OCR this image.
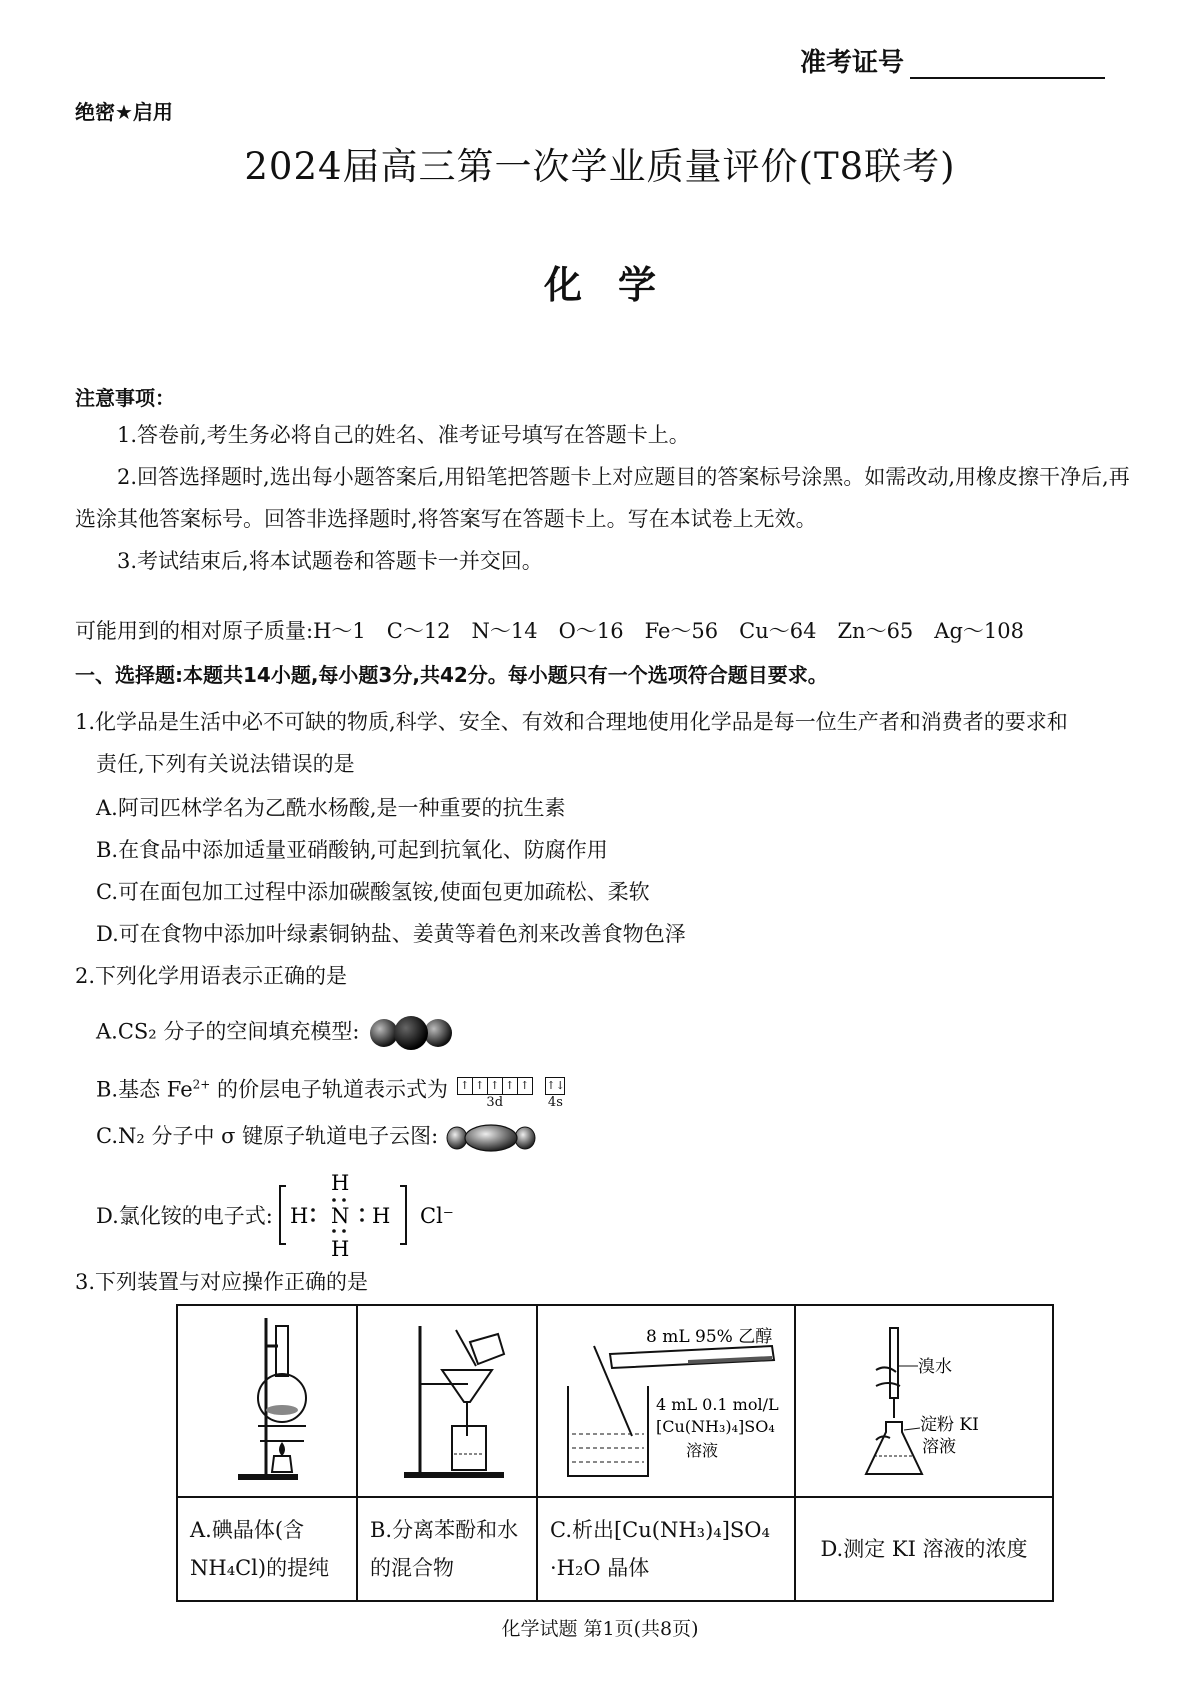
准考证号
绝密★启用
2024届高三第一次学业质量评价(T8联考)
化学
注意事项：
1.答卷前,考生务必将自己的姓名、准考证号填写在答题卡上。
2.回答选择题时,选出每小题答案后,用铅笔把答题卡上对应题目的答案标号涂黑。如需改动,用橡皮擦干净后,再选涂其他答案标号。回答非选择题时,将答案写在答题卡上。写在本试卷上无效。
3.考试结束后,将本试题卷和答题卡一并交回。
可能用到的相对原子质量:H～1　C～12　N～14　O～16　Fe～56　Cu～64　Zn～65　Ag～108
一、选择题:本题共14小题,每小题3分,共42分。每小题只有一个选项符合题目要求。
1.化学品是生活中必不可缺的物质,科学、安全、有效和合理地使用化学品是每一位生产者和消费者的要求和
责任,下列有关说法错误的是
A.阿司匹林学名为乙酰水杨酸,是一种重要的抗生素
B.在食品中添加适量亚硝酸钠,可起到抗氧化、防腐作用
C.可在面包加工过程中添加碳酸氢铵,使面包更加疏松、柔软
D.可在食物中添加叶绿素铜钠盐、姜黄等着色剂来改善食物色泽
2.下列化学用语表示正确的是
A.CS₂ 分子的空间填充模型:
B.基态 $Fe^{2+}$ 的价层电子轨道表示式为	↑ ↑ ↑ ↑ ↑
3d

↑↓
4s
C.N₂ 分子中 σ 键原子轨道电子云图:
D.氯化铵的电子式: H N
H
H
H Cl⁻
3.下列装置与对应操作正确的是

8 mL 95% 乙醇
4 mL 0.1 mol/L
[Cu(NH₃)₄]SO₄
溶液	溴水
淀粉 KI
溶液

A.碘晶体(含 NH₄Cl)的提纯	B.分离苯酚和水的混合物	C.析出[Cu(NH₃)₄]SO₄ ·H₂O 晶体	D.测定 KI 溶液的浓度
化学试题 第1页(共8页)
